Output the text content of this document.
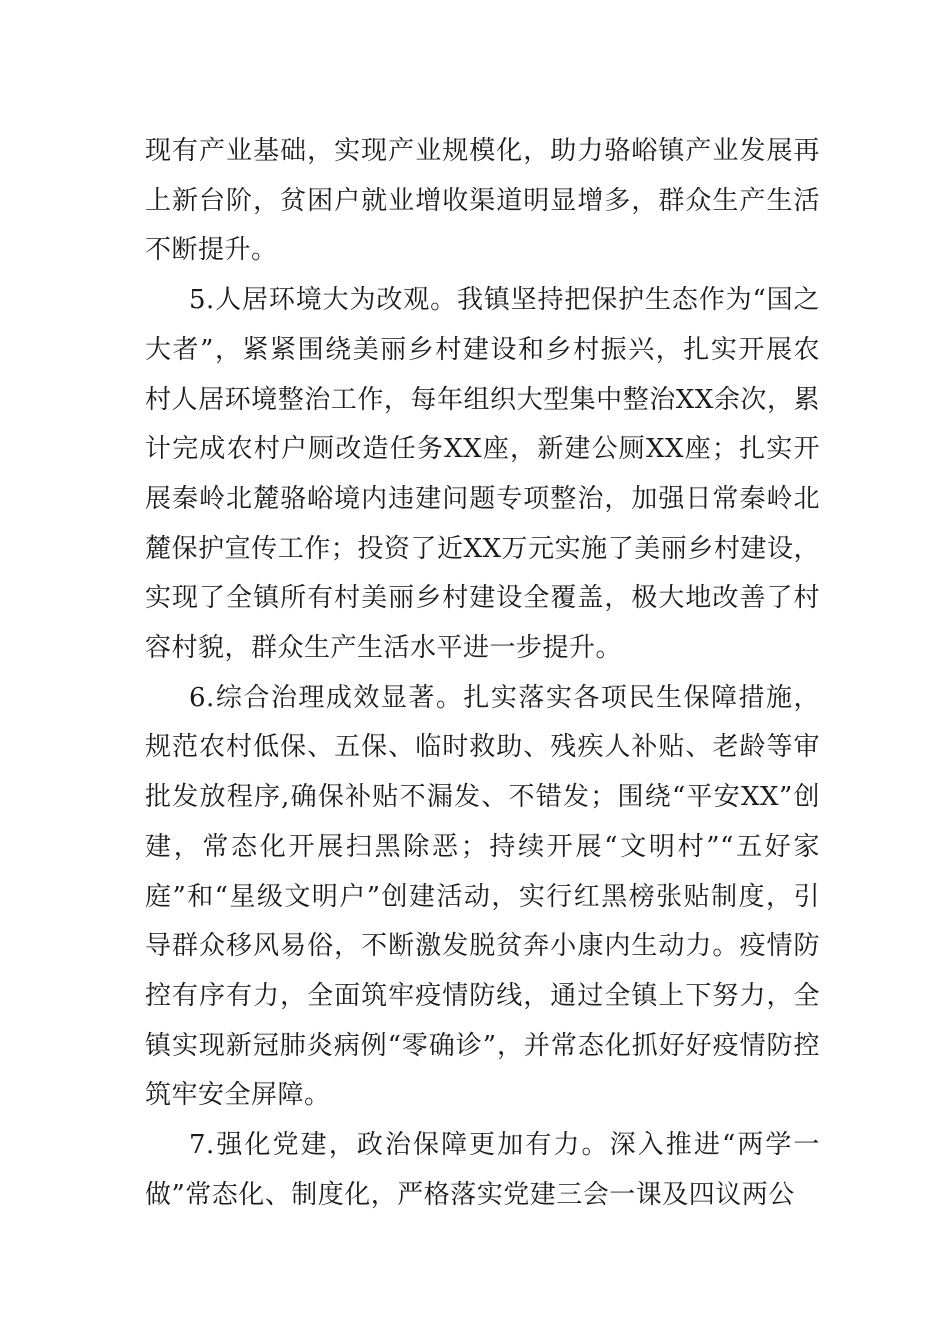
现有产业基础，实现产业规模化，助力骆峪镇产业发展再上新台阶，贫困户就业增收渠道明显增多，群众生产生活不断提升。

5.人居环境大为改观。我镇坚持把保护生态作为“国之大者”，紧紧围绕美丽乡村建设和乡村振兴，扎实开展农村人居环境整治工作，每年组织大型集中整治XX余次，累计完成农村户厕改造任务XX座，新建公厕XX座；扎实开展秦岭北麓骆峪境内违建问题专项整治，加强日常秦岭北麓保护宣传工作；投资了近XX万元实施了美丽乡村建设，实现了全镇所有村美丽乡村建设全覆盖，极大地改善了村容村貌，群众生产生活水平进一步提升。

6.综合治理成效显著。扎实落实各项民生保障措施，规范农村低保、五保、临时救助、残疾人补贴、老龄等审批发放程序,确保补贴不漏发、不错发；围绕“平安XX”创建，常态化开展扫黑除恶；持续开展“文明村”“五好家庭”和“星级文明户”创建活动，实行红黑榜张贴制度，引导群众移风易俗，不断激发脱贫奔小康内生动力。疫情防控有序有力，全面筑牢疫情防线，通过全镇上下努力，全镇实现新冠肺炎病例“零确诊”，并常态化抓好好疫情防控筑牢安全屏障。

7.强化党建，政治保障更加有力。深入推进“两学一做”常态化、制度化，严格落实党建三会一课及四议两公
